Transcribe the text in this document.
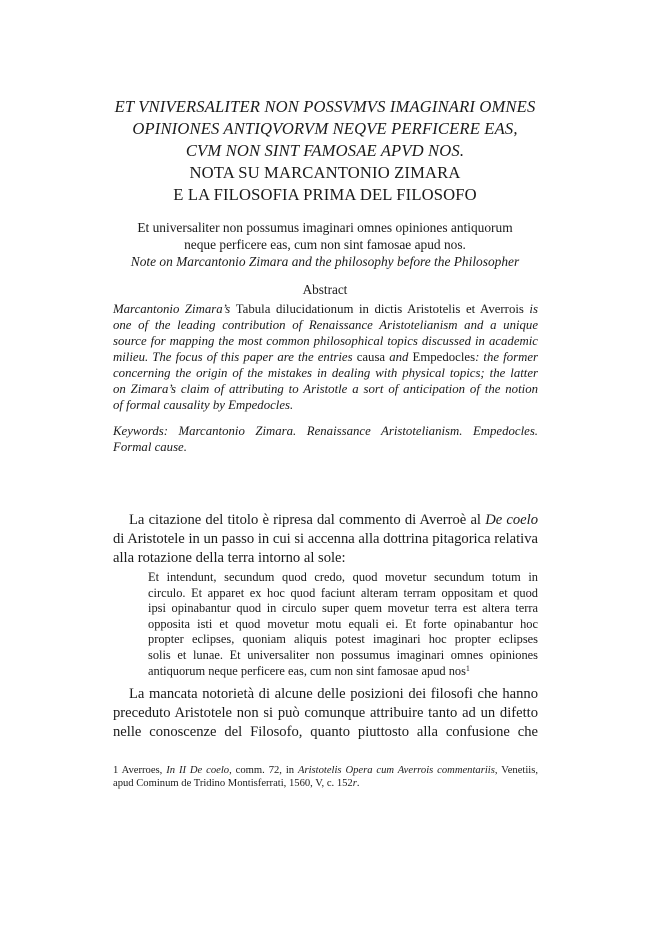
ET VNIVERSALITER NON POSSVMVS IMAGINARI OMNES
OPINIONES ANTIQVORVM NEQVE PERFICERE EAS,
CVM NON SINT FAMOSAE APVD NOS.
NOTA SU MARCANTONIO ZIMARA
E LA FILOSOFIA PRIMA DEL FILOSOFO
Et universaliter non possumus imaginari omnes opiniones antiquorum
neque perficere eas, cum non sint famosae apud nos.
Note on Marcantonio Zimara and the philosophy before the Philosopher
Abstract
Marcantonio Zimara’s Tabula dilucidationum in dictis Aristotelis et Averrois is
one of the leading contribution of Renaissance Aristotelianism and a unique
source for mapping the most common philosophical topics discussed in academic
milieu. The focus of this paper are the entries causa and Empedocles: the former
concerning the origin of the mistakes in dealing with physical topics; the latter
on Zimara’s claim of attributing to Aristotle a sort of anticipation of the notion
of formal causality by Empedocles.
Keywords: Marcantonio Zimara. Renaissance Aristotelianism. Empedocles.
Formal cause.
La citazione del titolo è ripresa dal commento di Averroè al De coelo
di Aristotele in un passo in cui si accenna alla dottrina pitagorica relativa
alla rotazione della terra intorno al sole:
Et intendunt, secundum quod credo, quod movetur secundum totum in
circulo. Et apparet ex hoc quod faciunt alteram terram oppositam et quod
ipsi opinabantur quod in circulo super quem movetur terra est altera terra
opposita isti et quod movetur motu equali ei. Et forte opinabantur hoc
propter eclipses, quoniam aliquis potest imaginari hoc propter eclipses
solis et lunae. Et universaliter non possumus imaginari omnes opiniones
antiquorum neque perficere eas, cum non sint famosae apud nos$^1$
La mancata notorietà di alcune delle posizioni dei filosofi che hanno
preceduto Aristotele non si può comunque attribuire tanto ad un difetto
nelle conoscenze del Filosofo, quanto piuttosto alla confusione che
1 Averroes, In II De coelo, comm. 72, in Aristotelis Opera cum Averrois commentariis, Venetiis,
apud Cominum de Tridino Montisferrati, 1560, V, c. 152r.
